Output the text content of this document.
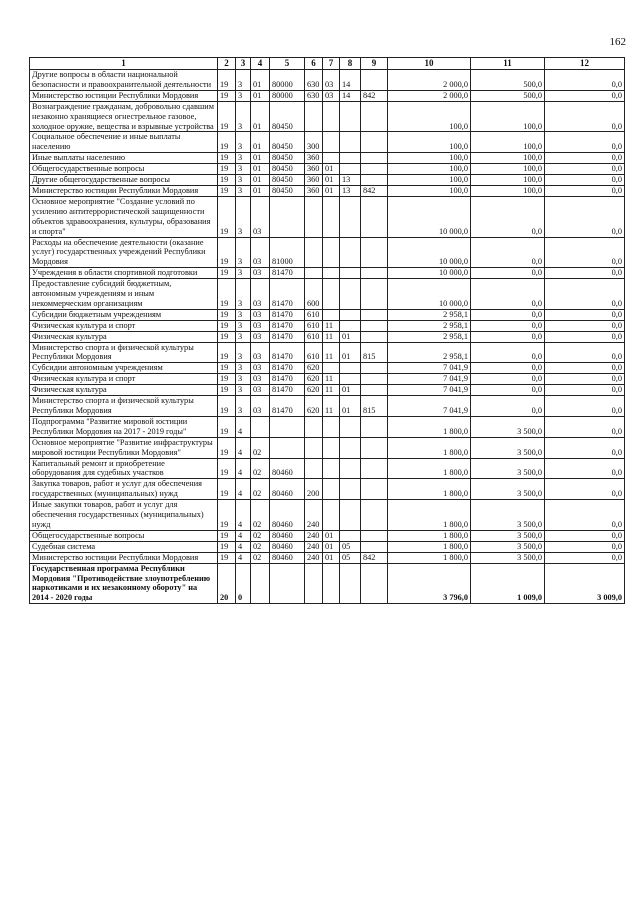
162
1	2	3	4	5	6	7	8	9	10	11	12
Другие вопросы в области национальной безопасности и правоохранительной деятельности	19	3	01	80000	630	03	14		2 000,0	500,0	0,0
Министерство юстиции Республики Мордовия	19	3	01	80000	630	03	14	842	2 000,0	500,0	0,0
Вознаграждение гражданам, добровольно сдавшим незаконно хранящиеся огнестрельное газовое, холодное оружие, вещества и взрывные устройства	19	3	01	80450					100,0	100,0	0,0
Социальное обеспечение и иные выплаты населению	19	3	01	80450	300				100,0	100,0	0,0
Иные выплаты населению	19	3	01	80450	360				100,0	100,0	0,0
Общегосударственные вопросы	19	3	01	80450	360	01			100,0	100,0	0,0
Другие общегосударственные вопросы	19	3	01	80450	360	01	13		100,0	100,0	0,0
Министерство юстиции Республики Мордовия	19	3	01	80450	360	01	13	842	100,0	100,0	0,0
Основное мероприятие "Создание условий по усилению антитеррористической защищенности объектов здравоохранения, культуры, образования и спорта"	19	3	03						10 000,0	0,0	0,0
Расходы на обеспечение деятельности (оказание услуг) государственных учреждений Республики Мордовия	19	3	03	81000					10 000,0	0,0	0,0
Учреждения в области спортивной подготовки	19	3	03	81470					10 000,0	0,0	0,0
Предоставление субсидий бюджетным, автономным учреждениям и иным некоммерческим организациям	19	3	03	81470	600				10 000,0	0,0	0,0
Субсидии бюджетным учреждениям	19	3	03	81470	610				2 958,1	0,0	0,0
Физическая культура и спорт	19	3	03	81470	610	11			2 958,1	0,0	0,0
Физическая культура	19	3	03	81470	610	11	01		2 958,1	0,0	0,0
Министерство спорта и физической культуры Республики Мордовия	19	3	03	81470	610	11	01	815	2 958,1	0,0	0,0
Субсидии автономным учреждениям	19	3	03	81470	620				7 041,9	0,0	0,0
Физическая культура и спорт	19	3	03	81470	620	11			7 041,9	0,0	0,0
Физическая культура	19	3	03	81470	620	11	01		7 041,9	0,0	0,0
Министерство спорта и физической культуры Республики Мордовия	19	3	03	81470	620	11	01	815	7 041,9	0,0	0,0
Подпрограмма "Развитие мировой юстиции Республики Мордовия на 2017 - 2019 годы"	19	4							1 800,0	3 500,0	0,0
Основное мероприятие "Развитие инфраструктуры мировой юстиции Республики Мордовия"	19	4	02						1 800,0	3 500,0	0,0
Капитальный ремонт и приобретение оборудования для судебных участков	19	4	02	80460					1 800,0	3 500,0	0,0
Закупка товаров, работ и услуг для обеспечения государственных (муниципальных) нужд	19	4	02	80460	200				1 800,0	3 500,0	0,0
Иные закупки товаров, работ и услуг для обеспечения государственных (муниципальных) нужд	19	4	02	80460	240				1 800,0	3 500,0	0,0
Общегосударственные вопросы	19	4	02	80460	240	01			1 800,0	3 500,0	0,0
Судебная система	19	4	02	80460	240	01	05		1 800,0	3 500,0	0,0
Министерство юстиции Республики Мордовия	19	4	02	80460	240	01	05	842	1 800,0	3 500,0	0,0
Государственная программа Республики Мордовия "Противодействие злоупотреблению наркотиками и их незаконному обороту" на 2014 - 2020 годы	20	0							3 796,0	1 009,0	3 009,0
